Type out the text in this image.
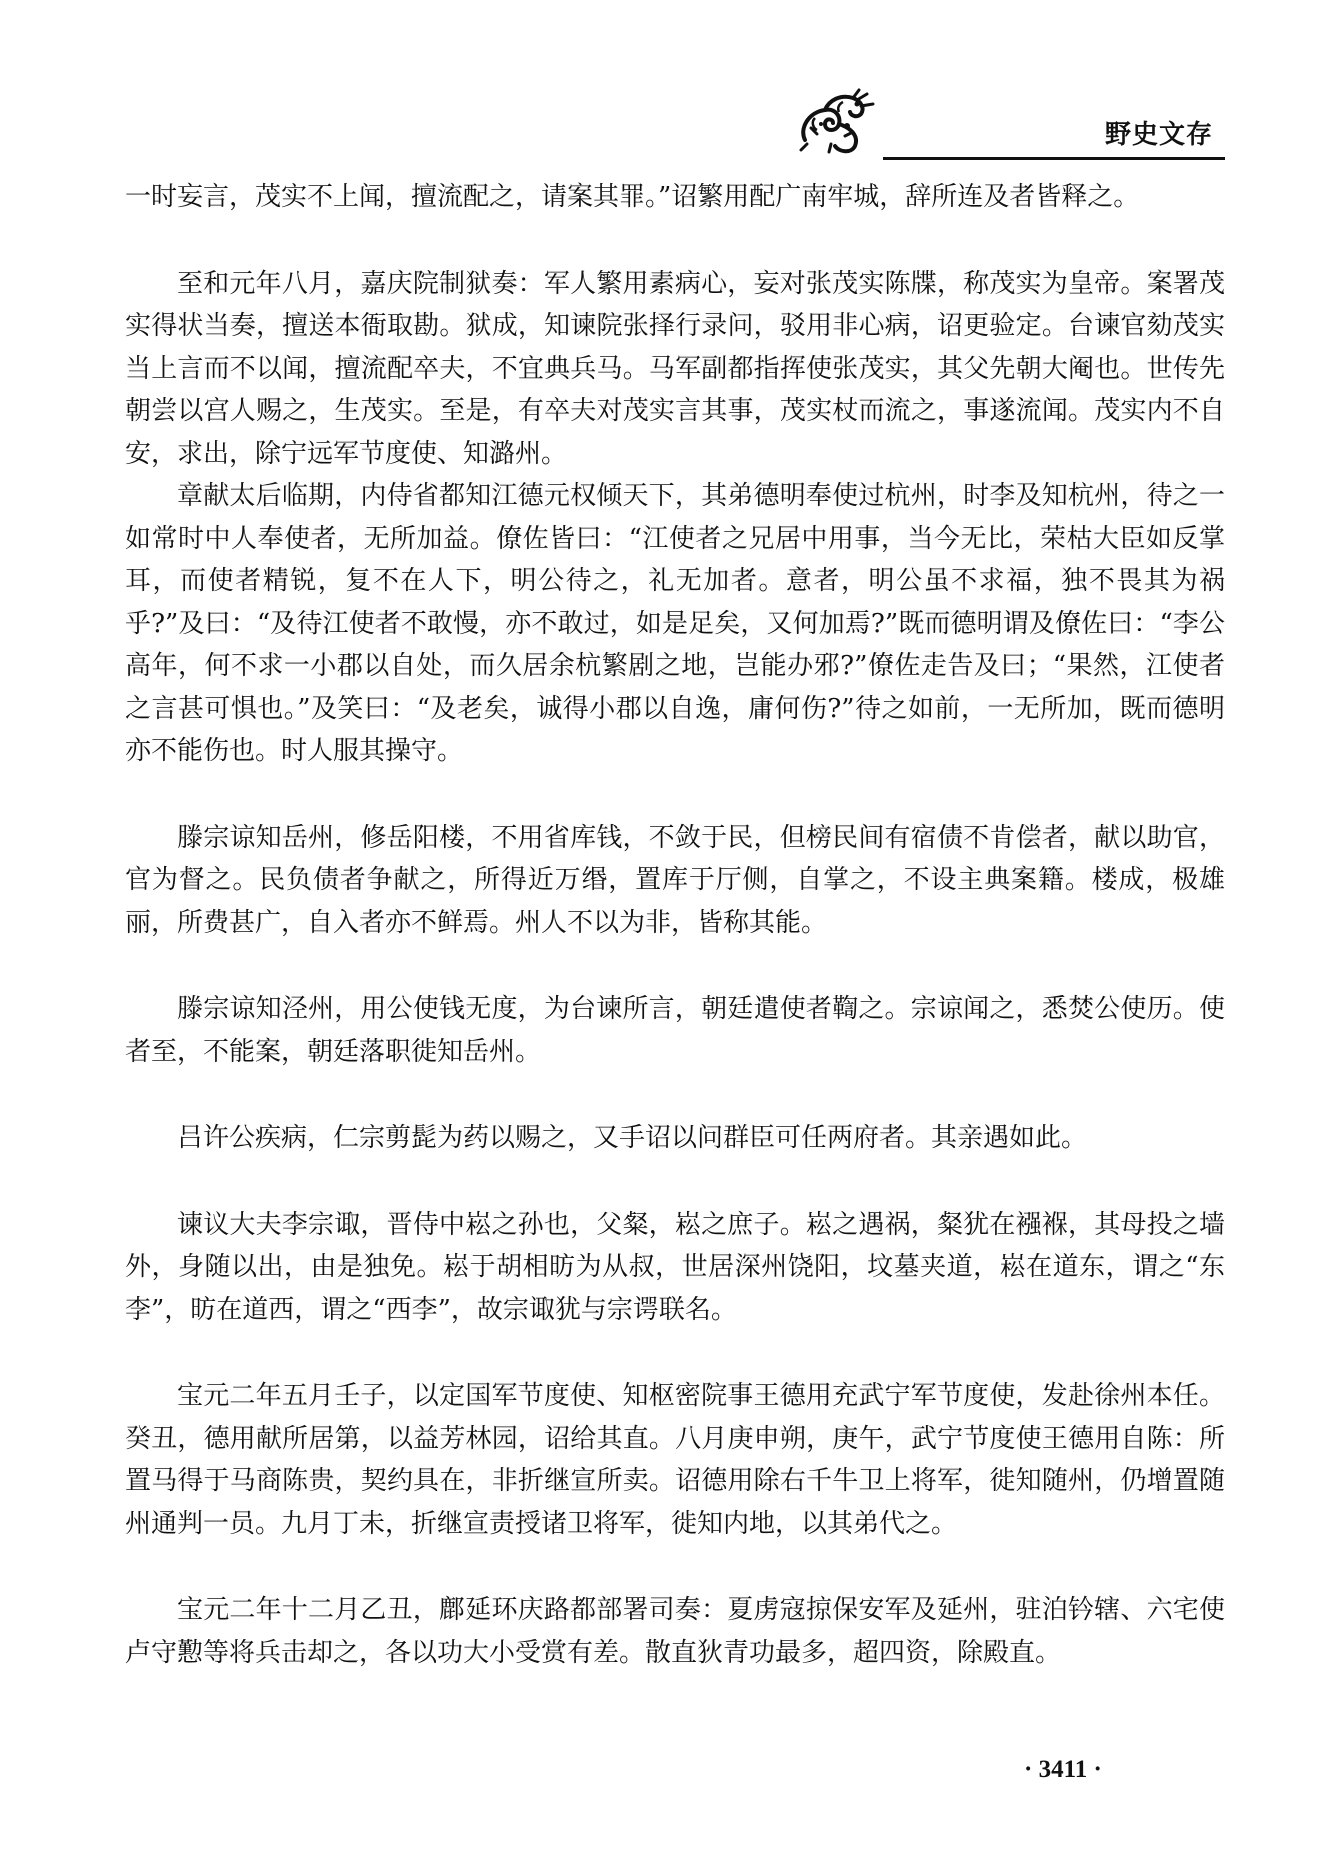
野史文存

一时妄言，茂实不上闻，擅流配之，请案其罪。”诏繁用配广南牢城，辞所连及者皆释之。

至和元年八月，嘉庆院制狱奏：军人繁用素病心，妄对张茂实陈牒，称茂实为皇帝。案署茂实得状当奏，擅送本衙取勘。狱成，知谏院张择行录问，驳用非心病，诏更验定。台谏官劾茂实当上言而不以闻，擅流配卒夫，不宜典兵马。马军副都指挥使张茂实，其父先朝大阉也。世传先朝尝以宫人赐之，生茂实。至是，有卒夫对茂实言其事，茂实杖而流之，事遂流闻。茂实内不自安，求出，除宁远军节度使、知潞州。

章献太后临期，内侍省都知江德元权倾天下，其弟德明奉使过杭州，时李及知杭州，待之一如常时中人奉使者，无所加益。僚佐皆曰：“江使者之兄居中用事，当今无比，荣枯大臣如反掌耳，而使者精锐，复不在人下，明公待之，礼无加者。意者，明公虽不求福，独不畏其为祸乎?”及曰：“及待江使者不敢慢，亦不敢过，如是足矣，又何加焉?”既而德明谓及僚佐曰：“李公高年，何不求一小郡以自处，而久居余杭繁剧之地，岂能办邪?”僚佐走告及曰；“果然，江使者之言甚可惧也。”及笑曰：“及老矣，诚得小郡以自逸，庸何伤?”待之如前，一无所加，既而德明亦不能伤也。时人服其操守。

滕宗谅知岳州，修岳阳楼，不用省库钱，不敛于民，但榜民间有宿债不肯偿者，献以助官，官为督之。民负债者争献之，所得近万缗，置库于厅侧，自掌之，不设主典案籍。楼成，极雄丽，所费甚广，自入者亦不鲜焉。州人不以为非，皆称其能。

滕宗谅知泾州，用公使钱无度，为台谏所言，朝廷遣使者鞫之。宗谅闻之，悉焚公使历。使者至，不能案，朝廷落职徙知岳州。

吕许公疾病，仁宗剪髭为药以赐之，又手诏以问群臣可任两府者。其亲遇如此。

谏议大夫李宗诹，晋侍中崧之孙也，父粲，崧之庶子。崧之遇祸，粲犹在襁褓，其母投之墙外，身随以出，由是独免。崧于胡相昉为从叔，世居深州饶阳，坟墓夹道，崧在道东，谓之“东李”，昉在道西，谓之“西李”，故宗诹犹与宗谔联名。

宝元二年五月壬子，以定国军节度使、知枢密院事王德用充武宁军节度使，发赴徐州本任。癸丑，德用献所居第，以益芳林园，诏给其直。八月庚申朔，庚午，武宁节度使王德用自陈：所置马得于马商陈贵，契约具在，非折继宣所卖。诏德用除右千牛卫上将军，徙知随州，仍增置随州通判一员。九月丁未，折继宣责授诸卫将军，徙知内地，以其弟代之。

宝元二年十二月乙丑，鄜延环庆路都部署司奏：夏虏寇掠保安军及延州，驻泊钤辖、六宅使卢守懃等将兵击却之，各以功大小受赏有差。散直狄青功最多，超四资，除殿直。

· 3411 ·
